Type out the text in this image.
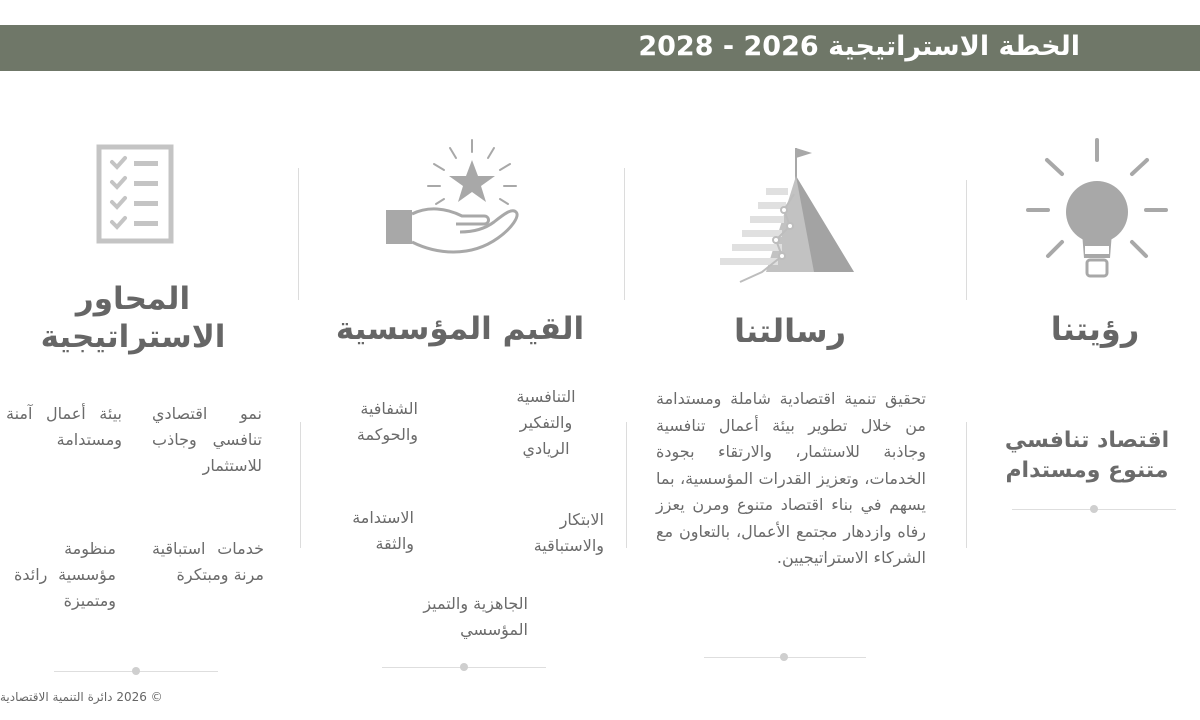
الخطة الاستراتيجية 2026 - 2028
رؤيتنا
اقتصاد تنافسي
متنوع ومستدام
رسالتنا
تحقيق تنمية اقتصادية شاملة ومستدامة من خلال تطوير بيئة أعمال تنافسية وجاذبة للاستثمار، والارتقاء بجودة الخدمات، وتعزيز القدرات المؤسسية، بما يسهم في بناء اقتصاد متنوع ومرن يعزز رفاه وازدهار مجتمع الأعمال، بالتعاون مع الشركاء الاستراتيجيين.
القيم المؤسسية
التنافسية والتفكير الريادي
الشفافية والحوكمة
الابتكار والاستباقية
الاستدامة والثقة
الجاهزية والتميز المؤسسي
المحاور
الاستراتيجية
نمو اقتصادي تنافسي وجاذب للاستثمار
بيئة أعمال آمنة ومستدامة
خدمات استباقية مرنة ومبتكرة
منظومة مؤسسية رائدة ومتميزة
© 2026 دائرة التنمية الاقتصادية
